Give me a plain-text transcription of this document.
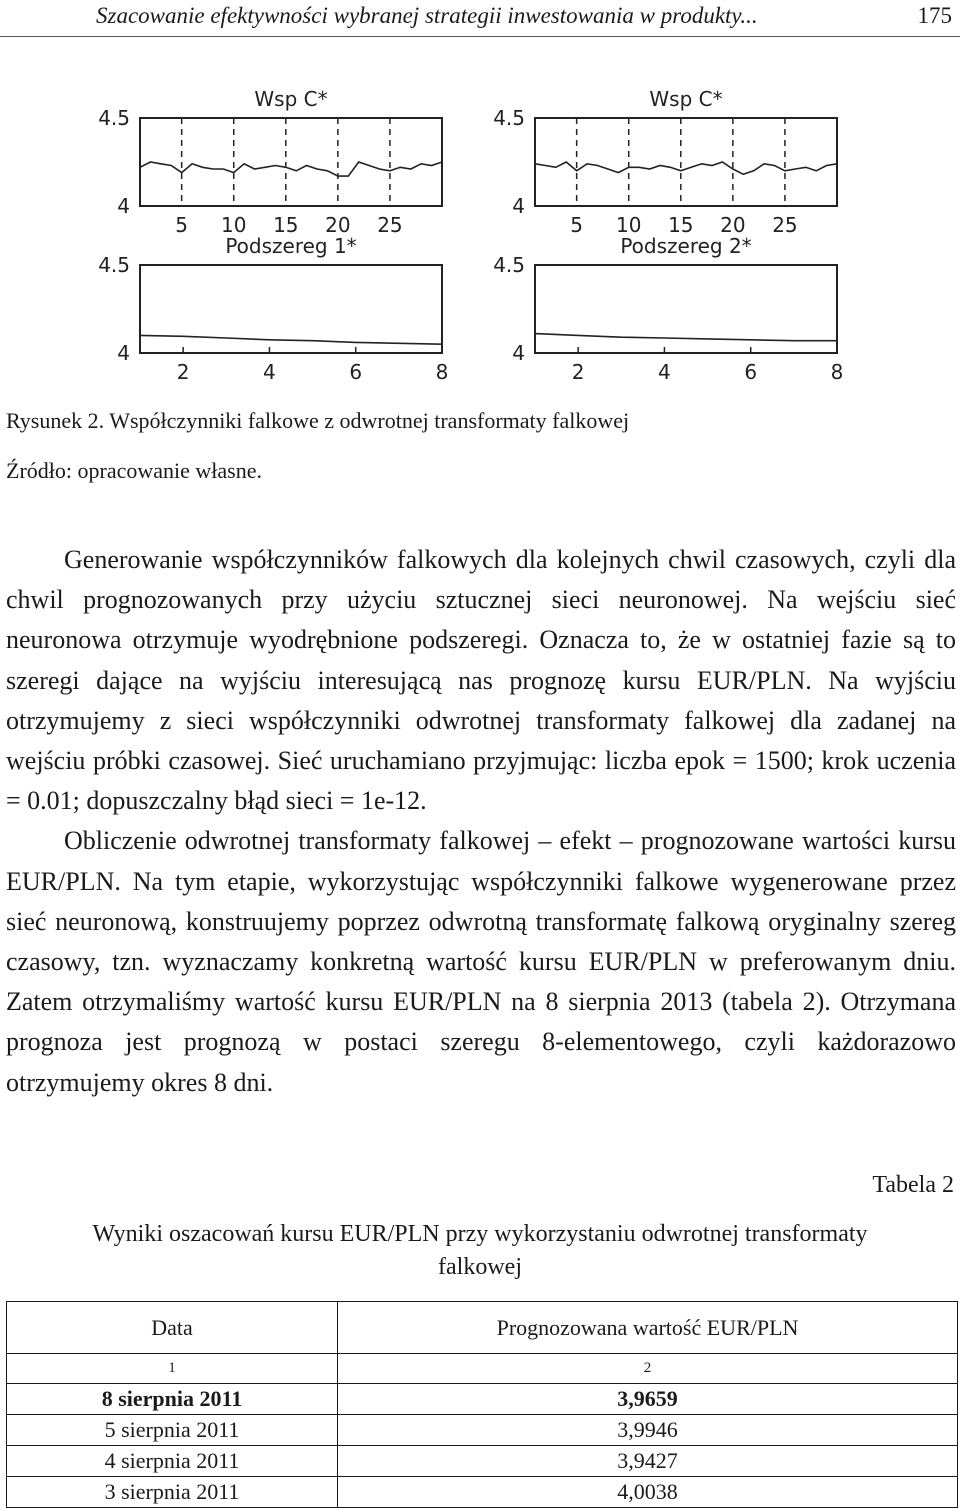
Szacowanie efektywności wybranej strategii inwestowania w produkty...	175
Wsp C*
4.5
4
5 10 15 20 25
Wsp C*
4.5
4
5 10 15 20 25
Podszereg 1*
4.5
4
2	4	6	8
Podszereg 2*
4.5
4
2	4	6	8
Rysunek 2. Współczynniki falkowe z odwrotnej transformaty falkowej
Źródło: opracowanie własne.

Generowanie współczynników falkowych dla kolejnych chwil czasowych, czyli dla chwil prognozowanych przy użyciu sztucznej sieci neuronowej. Na wejściu sieć neuronowa otrzymuje wyodrębnione podszeregi. Oznacza to, że w ostatniej fazie są to szeregi dające na wyjściu interesującą nas prognozę kursu EUR/PLN. Na wyjściu otrzymujemy z sieci współczynniki odwrotnej transformaty falkowej dla zadanej na wejściu próbki czasowej. Sieć uruchamiano przyjmując: liczba epok = 1500; krok uczenia = 0.01; dopuszczalny błąd sieci = 1e-12.

Obliczenie odwrotnej transformaty falkowej – efekt – prognozowane wartości kursu EUR/PLN. Na tym etapie, wykorzystując współczynniki falkowe wygenerowane przez sieć neuronową, konstruujemy poprzez odwrotną transformatę falkową oryginalny szereg czasowy, tzn. wyznaczamy konkretną wartość kursu EUR/PLN w preferowanym dniu. Zatem otrzymaliśmy wartość kursu EUR/PLN na 8 sierpnia 2013 (tabela 2). Otrzymana prognoza jest prognozą w postaci szeregu 8-elementowego, czyli każdorazowo otrzymujemy okres 8 dni.

Tabela 2
Wyniki oszacowań kursu EUR/PLN przy wykorzystaniu odwrotnej transformaty falkowej
Data	Prognozowana wartość EUR/PLN
1	2
8 sierpnia 2011	3,9659
5 sierpnia 2011	3,9946
4 sierpnia 2011	3,9427
3 sierpnia 2011	4,0038
